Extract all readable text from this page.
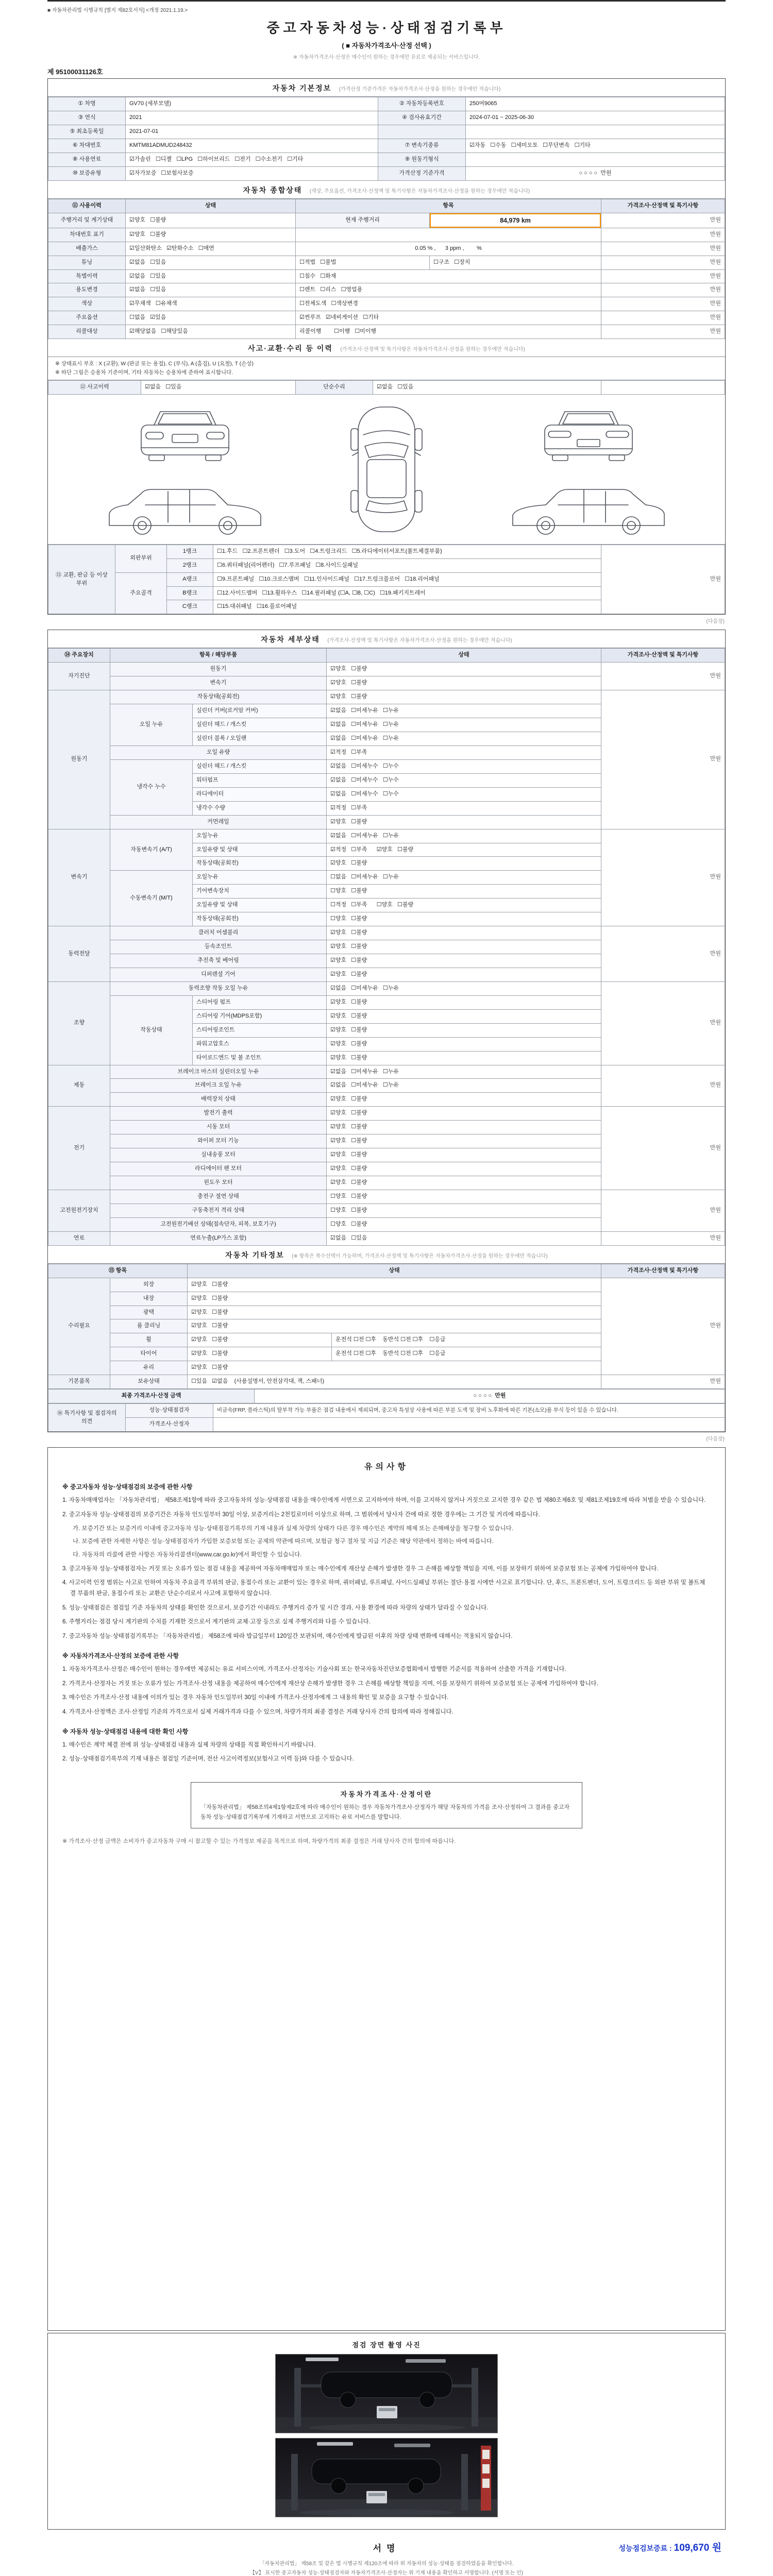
■ 자동차관리법 시행규칙 [별지 제82호서식] <개정 2021.1.19.>
중고자동차성능·상태점검기록부
( ■ 자동차가격조사·산정 선택 )
※ 자동차가격조사·산정은 매수인이 원하는 경우에만 유료로 제공되는 서비스입니다.
제 95100031126호
자동차 기본정보 (가격산정 기준가격은 자동차가격조사·산정을 원하는 경우에만 적습니다)
① 차명	GV70 (세부모델)	② 자동차등록번호	250머9065
③ 연식	2021	④ 검사유효기간	2024-07-01 ~ 2025-06-30
⑤ 최초등록일	2021-07-01		
⑥ 차대번호	KMTM81ADMUD248432	⑦ 변속기종류	☑자동   ☐수동   ☐세미오토   ☐무단변속   ☐기타
⑧ 사용연료	☑가솔린   ☐디젤   ☐LPG   ☐하이브리드   ☐전기   ☐수소전기   ☐기타	⑨ 원동기형식	
⑩ 보증유형	☑자가보증   ☐보험사보증	가격산정 기준가격	○ ○ ○ ○  만원
자동차 종합상태 (색상, 주요옵션, 가격조사·산정액 및 특기사항은 자동차가격조사·산정을 원하는 경우에만 적습니다)
⑪ 사용이력	상태	항목		가격조사·산정액 및 특기사항
주행거리 및 계기상태	☑양호   ☐불량	현재 주행거리	84,979 km	만원
차대번호 표기	☑양호   ☐불량			만원
배출가스	☑일산화탄소   ☑탄화수소   ☐매연	0.05 % ,      3 ppm ,        %		만원
튜닝	☑없음   ☐있음	☐적법   ☐불법	☐구조   ☐장치	만원
특별이력	☑없음   ☐있음	☐침수   ☐화재		만원
용도변경	☑없음   ☐있음	☐렌트   ☐리스   ☐영업용		만원
색상	☑무채색   ☐유채색	☐전체도색   ☐색상변경		만원
주요옵션	☐없음   ☑있음	☑썬루프   ☑네비게이션   ☐기타		만원
리콜대상	☑해당없음   ☐해당있음	리콜이행        ☐이행   ☐미이행		만원
사고·교환·수리 등 이력 (가격조사·산정액 및 특기사항은 자동차가격조사·산정을 원하는 경우에만 적습니다)
※ 상태표시 부호 : X (교환), W (판금 또는 용접), C (부식), A (흠집), U (요철), T (손상)
※ 하단 그림은 승용차 기준이며, 기타 자동차는 승용차에 준하여 표시합니다.
⑫ 사고이력	☑없음   ☐있음	단순수리	☑없음   ☐있음	
⑬ 교환, 판금 등 이상 부위	외판부위	1랭크	☐1.후드   ☐2.프론트펜더   ☐3.도어   ☐4.트렁크리드   ☐5.라디에이터서포트(볼트체결부품)	만원
		2랭크	☐6.쿼터패널(리어펜더)   ☐7.루프패널   ☐8.사이드실패널	
	주요골격	A랭크	☐9.프론트패널   ☐10.크로스멤버   ☐11.인사이드패널   ☐17.트렁크플로어   ☐18.리어패널	
		B랭크	☐12.사이드멤버   ☐13.휠하우스   ☐14.필러패널 (☐A, ☐B, ☐C)   ☐19.패키지트레이	
		C랭크	☐15.대쉬패널   ☐16.플로어패널	
(다음장)
자동차 세부상태 (가격조사·산정액 및 특기사항은 자동차가격조사·산정을 원하는 경우에만 적습니다)
⑭ 주요장치	항목 / 해당부품		상태	가격조사·산정액 및 특기사항
자기진단	원동기		☑양호   ☐불량	만원
	변속기		☑양호   ☐불량	
원동기	작동상태(공회전)		☑양호   ☐불량	만원
	오일 누유	실린더 커버(로커암 커버)	☑없음   ☐미세누유   ☐누유	
		실린더 헤드 / 개스킷	☑없음   ☐미세누유   ☐누유	
		실린더 블록 / 오일팬	☑없음   ☐미세누유   ☐누유	
	오일 유량		☑적정   ☐부족	
	냉각수 누수	실린더 헤드 / 개스킷	☑없음   ☐미세누수   ☐누수	
		워터펌프	☑없음   ☐미세누수   ☐누수	
		라디에이터	☑없음   ☐미세누수   ☐누수	
		냉각수 수량	☑적정   ☐부족	
	커먼레일		☑양호   ☐불량	
변속기	자동변속기 (A/T)	오일누유	☑없음   ☐미세누유   ☐누유	만원
		오일유량 및 상태	☑적정   ☐부족      ☑양호   ☐불량	
		작동상태(공회전)	☑양호   ☐불량	
	수동변속기 (M/T)	오일누유	☐없음   ☐미세누유   ☐누유	
		기어변속장치	☐양호   ☐불량	
		오일유량 및 상태	☐적정   ☐부족      ☐양호   ☐불량	
		작동상태(공회전)	☐양호   ☐불량	
동력전달	클러치 어셈블리		☑양호   ☐불량	만원
	등속조인트		☑양호   ☐불량	
	추진축 및 베어링		☑양호   ☐불량	
	디퍼렌셜 기어		☑양호   ☐불량	
조향	동력조향 작동 오일 누유		☑없음   ☐미세누유   ☐누유	만원
	작동상태	스티어링 펌프	☑양호   ☐불량	
		스티어링 기어(MDPS포함)	☑양호   ☐불량	
		스티어링조인트	☑양호   ☐불량	
		파워고압호스	☑양호   ☐불량	
		타이로드엔드 및 볼 조인트	☑양호   ☐불량	
제동	브레이크 마스터 실린더오일 누유		☑없음   ☐미세누유   ☐누유	만원
	브레이크 오일 누유		☑없음   ☐미세누유   ☐누유	
	배력장치 상태		☑양호   ☐불량	
전기	발전기 출력		☑양호   ☐불량	만원
	시동 모터		☑양호   ☐불량	
	와이퍼 모터 기능		☑양호   ☐불량	
	실내송풍 모터		☑양호   ☐불량	
	라디에이터 팬 모터		☑양호   ☐불량	
	윈도우 모터		☑양호   ☐불량	
고전원전기장치	충전구 절연 상태		☐양호   ☐불량	만원
	구동축전지 격리 상태		☐양호   ☐불량	
	고전원전기배선 상태(접속단자, 피복, 보호기구)		☐양호   ☐불량	
연료	연료누출(LP가스 포함)		☑없음   ☐있음	만원
자동차 기타정보 (※ 항목은 복수선택이 가능하며, 가격조사·산정액 및 특기사항은 자동차가격조사·산정을 원하는 경우에만 적습니다)
⑮ 항목		상태		가격조사·산정액 및 특기사항
수리필요	외장	☑양호   ☐불량		만원
	내장	☑양호   ☐불량		
	광택	☑양호   ☐불량		
	룸 클리닝	☑양호   ☐불량		
	휠	☑양호   ☐불량	운전석 ☐전 ☐후    동반석 ☐전 ☐후    ☐응급	
	타이어	☑양호   ☐불량	운전석 ☐전 ☐후    동반석 ☐전 ☐후    ☐응급	
	유리	☑양호   ☐불량		
기본품목	보유상태	☐있음   ☑없음    (사용설명서, 안전삼각대, 잭, 스패너)		만원
최종 가격조사·산정 금액	○ ○ ○ ○  만원
⑯ 특기사항 및 점검자의 의견	성능·상태점검자	비금속(FRP, 플라스틱)의 탈부착 가능 부품은 점검 내용에서 제외되며, 중고차 특성상 사용에 따른 부분 도색 및 장비 노후화에 따른 기본(소모)품 부식 등이 있을 수 있습니다.
	가격조사·산정자	
(다음장)
유의사항
※ 중고자동차 성능·상태점검의 보증에 관한 사항
1. 자동차매매업자는 「자동차관리법」 제58조제1항에 따라 중고자동차의 성능·상태점검 내용을 매수인에게 서면으로 고지하여야 하며, 이를 고지하지 않거나 거짓으로 고지한 경우 같은 법 제80조제6호 및 제81조제19호에 따라 처벌을 받을 수 있습니다.
2. 중고자동차 성능·상태점검의 보증기간은 자동차 인도일부터 30일 이상, 보증거리는 2천킬로미터 이상으로 하며, 그 범위에서 당사자 간에 따로 정한 경우에는 그 기간 및 거리에 따릅니다.
가. 보증기간 또는 보증거리 이내에 중고자동차 성능·상태점검기록부의 기재 내용과 실제 차량의 상태가 다른 경우 매수인은 계약의 해제 또는 손해배상을 청구할 수 있습니다.
나. 보증에 관한 자세한 사항은 성능·상태점검자가 가입한 보증보험 또는 공제의 약관에 따르며, 보험금 청구 절차 및 지급 기준은 해당 약관에서 정하는 바에 따릅니다.
다. 자동차의 리콜에 관한 사항은 자동차리콜센터(www.car.go.kr)에서 확인할 수 있습니다.
3. 중고자동차 성능·상태점검자는 거짓 또는 오류가 있는 점검 내용을 제공하여 자동차매매업자 또는 매수인에게 재산상 손해가 발생한 경우 그 손해를 배상할 책임을 지며, 이를 보장하기 위하여 보증보험 또는 공제에 가입하여야 합니다.
4. 사고이력 인정 범위는 사고로 인하여 자동차 주요골격 부위의 판금, 용접수리 또는 교환이 있는 경우로 하며, 쿼터패널, 루프패널, 사이드실패널 부위는 절단·용접 시에만 사고로 표기합니다. 단, 후드, 프론트펜더, 도어, 트렁크리드 등 외판 부위 및 볼트체결 부품의 판금, 용접수리 또는 교환은 단순수리로서 사고에 포함하지 않습니다.
5. 성능·상태점검은 점검일 기준 자동차의 상태를 확인한 것으로서, 보증기간 이내라도 주행거리 증가 및 시간 경과, 사용 환경에 따라 차량의 상태가 달라질 수 있습니다.
6. 주행거리는 점검 당시 계기판의 수치를 기재한 것으로서 계기판의 교체·고장 등으로 실제 주행거리와 다를 수 있습니다.
7. 중고자동차 성능·상태점검기록부는 「자동차관리법」 제58조에 따라 발급일부터 120일간 보관되며, 매수인에게 발급된 이후의 차량 상태 변화에 대해서는 적용되지 않습니다.
※ 자동차가격조사·산정의 보증에 관한 사항
1. 자동차가격조사·산정은 매수인이 원하는 경우에만 제공되는 유료 서비스이며, 가격조사·산정자는 기술사회 또는 한국자동차진단보증협회에서 발행한 기준서를 적용하여 산출한 가격을 기재합니다.
2. 가격조사·산정자는 거짓 또는 오류가 있는 가격조사·산정 내용을 제공하여 매수인에게 재산상 손해가 발생한 경우 그 손해를 배상할 책임을 지며, 이를 보장하기 위하여 보증보험 또는 공제에 가입하여야 합니다.
3. 매수인은 가격조사·산정 내용에 이의가 있는 경우 자동차 인도일부터 30일 이내에 가격조사·산정자에게 그 내용의 확인 및 보증을 요구할 수 있습니다.
4. 가격조사·산정액은 조사·산정일 기준의 가격으로서 실제 거래가격과 다를 수 있으며, 차량가격의 최종 결정은 거래 당사자 간의 합의에 따라 정해집니다.
※ 자동차 성능·상태점검 내용에 대한 확인 사항
1. 매수인은 계약 체결 전에 위 성능·상태점검 내용과 실제 차량의 상태를 직접 확인하시기 바랍니다.
2. 성능·상태점검기록부의 기재 내용은 점검일 기준이며, 전산 사고이력정보(보험사고 이력 등)와 다를 수 있습니다.
자동차가격조사·산정이란
「자동차관리법」 제58조의4제1항제2호에 따라 매수인이 원하는 경우 자동차가격조사·산정자가 해당 자동차의 가격을 조사·산정하여 그 결과를 중고자동차 성능·상태점검기록부에 기재하고 서면으로 고지하는 유료 서비스를 말합니다.
※ 가격조사·산정 금액은 소비자가 중고자동차 구매 시 참고할 수 있는 가격정보 제공을 목적으로 하며, 차량가격의 최종 결정은 거래 당사자 간의 합의에 따릅니다.
점검 장면 촬영 사진
서명	성능점검보증료 : 109,670 원
「자동차관리법」 제58조 및 같은 법 시행규칙 제120조에 따라 위 자동차의 성능·상태를 점검하였음을 확인합니다.
【V】 표시한 중고자동차 성능·상태점검자와 자동차가격조사·산정자는 위 기재 내용을 확인하고 서명합니다. (서명 또는 인)
